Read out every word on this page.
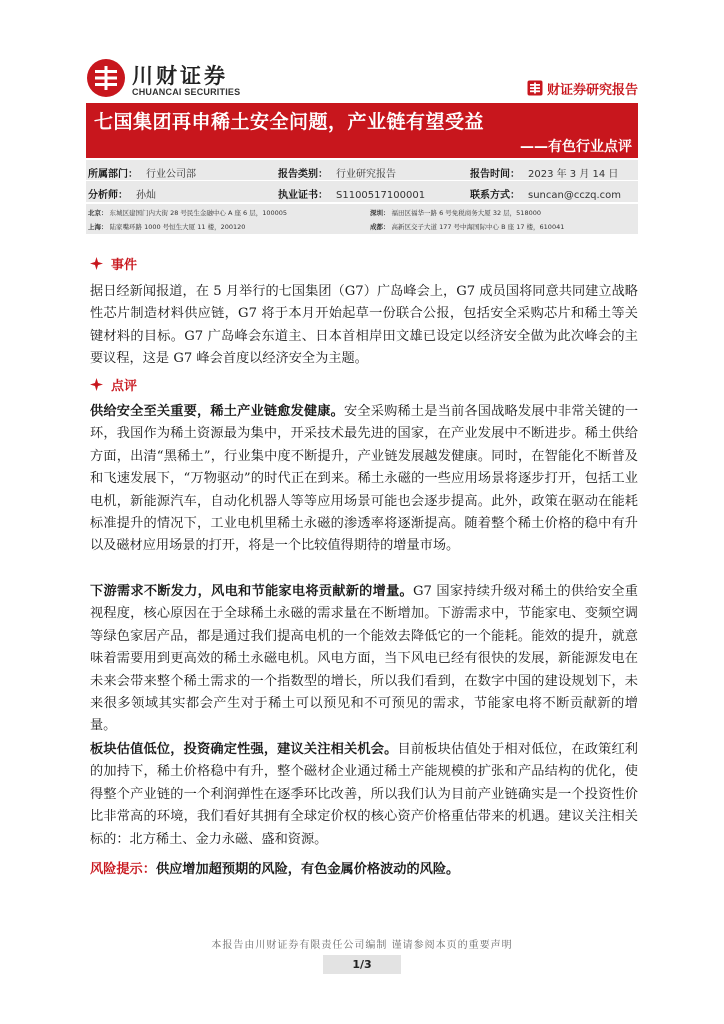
川财证券
CHUANCAI SECURITIES	财证券研究报告
七国集团再申稀土安全问题，产业链有望受益
——有色行业点评
所属部门： 行业公司部	报告类别： 行业研究报告	报告时间： 2023 年 3 月 14 日
分析师： 孙灿	执业证书： S1100517100001	联系方式： suncan@cczq.com
北京： 东城区建国门内大街 28 号民生金融中心 A 座 6 层，100005	深圳： 福田区福华一路 6 号免税商务大厦 32 层，518000
上海： 陆家嘴环路 1000 号恒生大厦 11 楼，200120	成都： 高新区交子大道 177 号中海国际中心 B 座 17 楼，610041
事件
据日经新闻报道，在 5 月举行的七国集团（G7）广岛峰会上，G7 成员国将同意共同建立战略性芯片制造材料供应链，G7 将于本月开始起草一份联合公报，包括安全采购芯片和稀土等关键材料的目标。G7 广岛峰会东道主、日本首相岸田文雄已设定以经济安全做为此次峰会的主要议程，这是 G7 峰会首度以经济安全为主题。
点评
供给安全至关重要，稀土产业链愈发健康。安全采购稀土是当前各国战略发展中非常关键的一环，我国作为稀土资源最为集中，开采技术最先进的国家，在产业发展中不断进步。稀土供给方面，出清“黑稀土”，行业集中度不断提升，产业链发展越发健康。同时，在智能化不断普及和飞速发展下，“万物驱动”的时代正在到来。稀土永磁的一些应用场景将逐步打开，包括工业电机，新能源汽车，自动化机器人等等应用场景可能也会逐步提高。此外，政策在驱动在能耗标准提升的情况下，工业电机里稀土永磁的渗透率将逐渐提高。随着整个稀土价格的稳中有升以及磁材应用场景的打开，将是一个比较值得期待的增量市场。
下游需求不断发力，风电和节能家电将贡献新的增量。G7 国家持续升级对稀土的供给安全重视程度，核心原因在于全球稀土永磁的需求量在不断增加。下游需求中，节能家电、变频空调等绿色家居产品，都是通过我们提高电机的一个能效去降低它的一个能耗。能效的提升，就意味着需要用到更高效的稀土永磁电机。风电方面，当下风电已经有很快的发展，新能源发电在未来会带来整个稀土需求的一个指数型的增长，所以我们看到，在数字中国的建设规划下，未来很多领域其实都会产生对于稀土可以预见和不可预见的需求，节能家电将不断贡献新的增量。
板块估值低位，投资确定性强，建议关注相关机会。目前板块估值处于相对低位，在政策红利的加持下，稀土价格稳中有升，整个磁材企业通过稀土产能规模的扩张和产品结构的优化，使得整个产业链的一个利润弹性在逐季环比改善，所以我们认为目前产业链确实是一个投资性价比非常高的环境，我们看好其拥有全球定价权的核心资产价格重估带来的机遇。建议关注相关标的：北方稀土、金力永磁、盛和资源。
风险提示：供应增加超预期的风险，有色金属价格波动的风险。
本报告由川财证券有限责任公司编制 谨请参阅本页的重要声明
1/3
